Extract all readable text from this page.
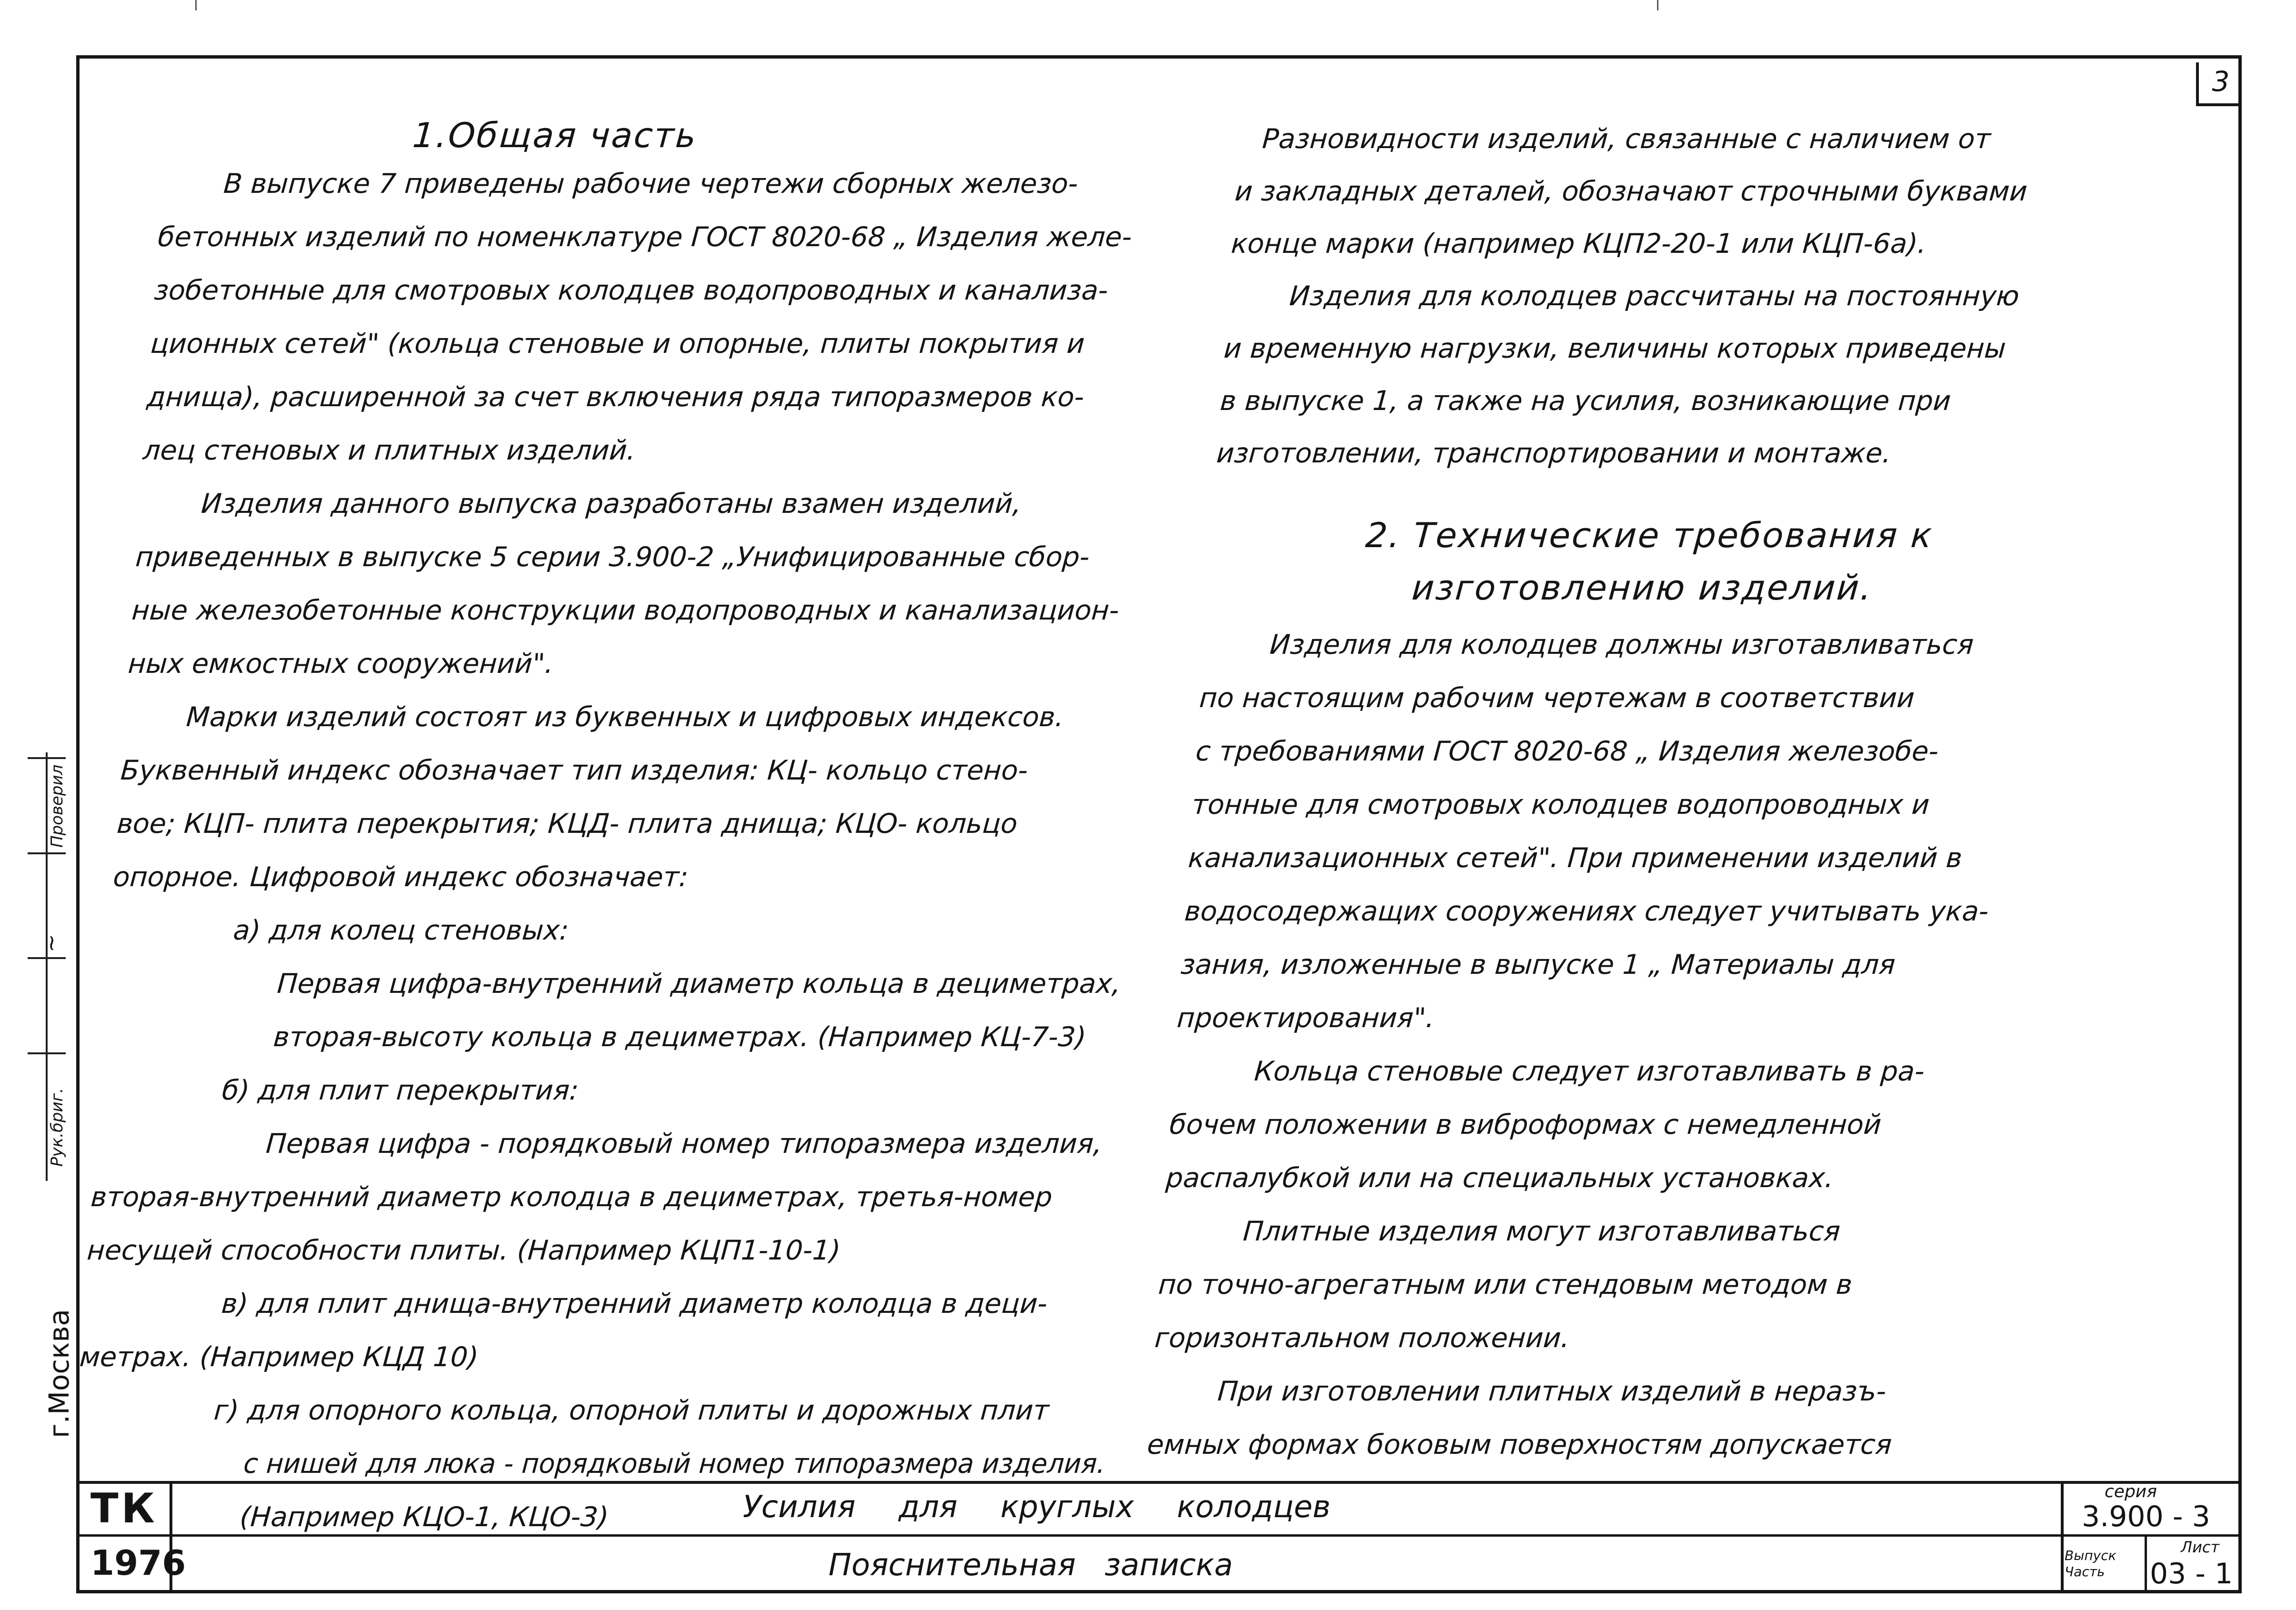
3
1.Общая часть
В выпуске 7 приведены рабочие чертежи сборных железо-
бетонных изделий по номенклатуре ГОСТ 8020-68 „ Изделия желе-
зобетонные для смотровых колодцев водопроводных и канализа-
ционных сетей" (кольца стеновые и опорные, плиты покрытия и
днища), расширенной за счет включения ряда типоразмеров ко-
лец стеновых и плитных изделий.
Изделия данного выпуска разработаны взамен изделий,
приведенных в выпуске 5 серии 3.900-2 „Унифицированные сбор-
ные железобетонные конструкции водопроводных и канализацион-
ных емкостных сооружений".
Марки изделий состоят из буквенных и цифровых индексов.
Буквенный индекс обозначает тип изделия: КЦ- кольцо стено-
вое; КЦП- плита перекрытия; КЦД- плита днища; КЦО- кольцо
опорное. Цифровой индекс обозначает:
а) для колец стеновых:
Первая цифра-внутренний диаметр кольца в дециметрах,
вторая-высоту кольца в дециметрах. (Например КЦ-7-3)
б) для плит перекрытия:
Первая цифра - порядковый номер типоразмера изделия,
вторая-внутренний диаметр колодца в дециметрах, третья-номер
несущей способности плиты. (Например КЦП1-10-1)
в) для плит днища-внутренний диаметр колодца в деци-
метрах. (Например КЦД 10)
г) для опорного кольца, опорной плиты и дорожных плит
с нишей для люка - порядковый номер типоразмера изделия.
(Например КЦО-1, КЦО-3)
2. Технические требования к
изготовлению изделий.
Разновидности изделий, связанные с наличием от
и закладных деталей, обозначают строчными буквами
конце марки (например КЦП2-20-1 или КЦП-6а).
Изделия для колодцев рассчитаны на постоянную
и временную нагрузки, величины которых приведены
в выпуске 1, а также на усилия, возникающие при
изготовлении, транспортировании и монтаже.
Изделия для колодцев должны изготавливаться
по настоящим рабочим чертежам в соответствии
с требованиями ГОСТ 8020-68 „ Изделия железобе-
тонные для смотровых колодцев водопроводных и
канализационных сетей". При применении изделий в
водосодержащих сооружениях следует учитывать ука-
зания, изложенные в выпуске 1 „ Материалы для
проектирования".
Кольца стеновые следует изготавливать в ра-
бочем положении в виброформах с немедленной
распалубкой или на специальных установках.
Плитные изделия могут изготавливаться
по точно-агрегатным или стендовым методом в
горизонтальном положении.
При изготовлении плитных изделий в неразъ-
емных формах боковым поверхностям допускается
ТК
1976
Усилия для круглых колодцев
Пояснительная записка
серия
3.900 - 3
Выпуск Часть
Лист
03 - 1
Проверил
~
Рук.бриг.
г.Москва
